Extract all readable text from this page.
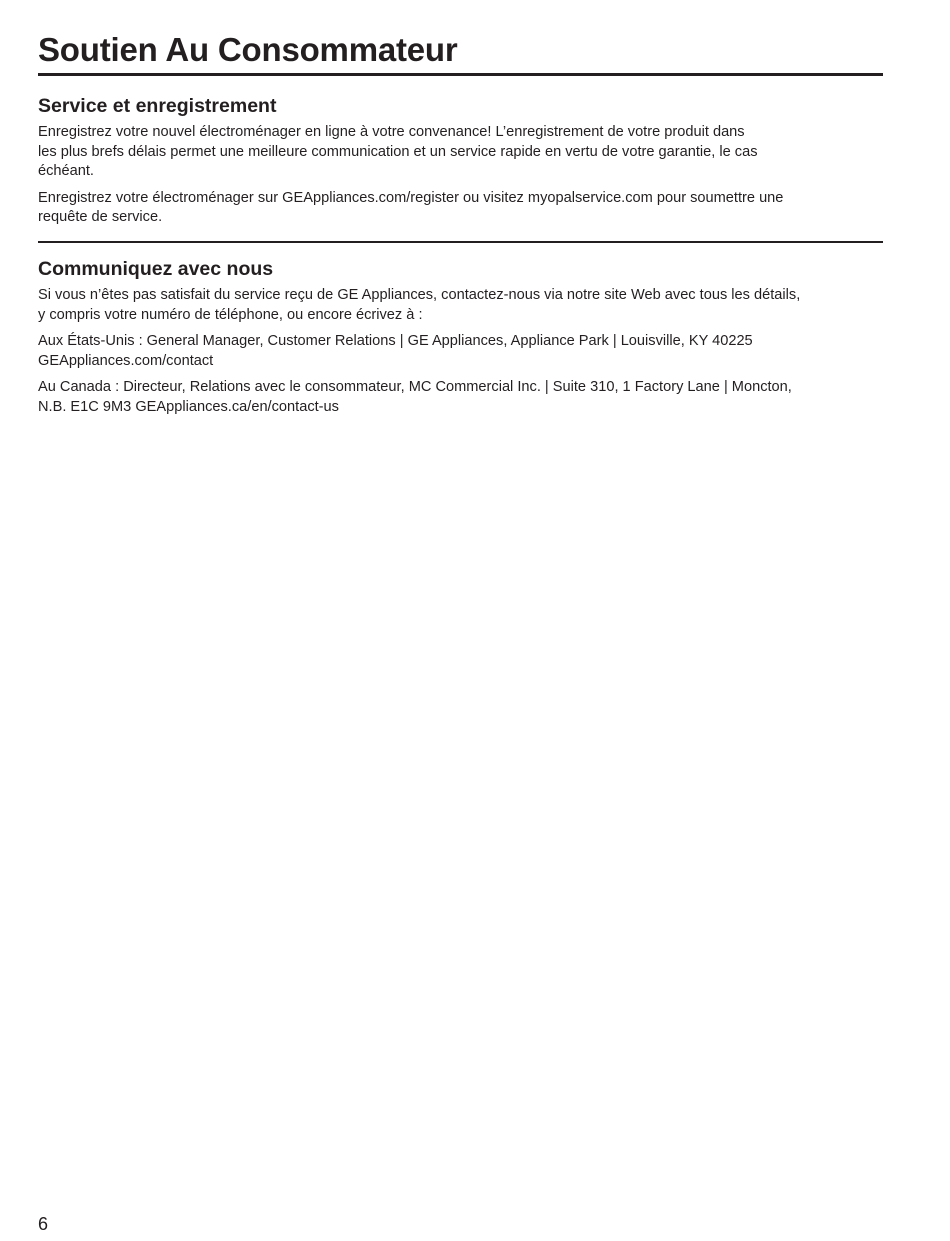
Soutien Au Consommateur
Service et enregistrement

Enregistrez votre nouvel électroménager en ligne à votre convenance! L’enregistrement de votre produit dans
les plus brefs délais permet une meilleure communication et un service rapide en vertu de votre garantie, le cas
échéant.

Enregistrez votre électroménager sur GEAppliances.com/register ou visitez myopalservice.com pour soumettre une
requête de service.

Communiquez avec nous

Si vous n’êtes pas satisfait du service reçu de GE Appliances, contactez-nous via notre site Web avec tous les détails,
y compris votre numéro de téléphone, ou encore écrivez à :

Aux États-Unis : General Manager, Customer Relations | GE Appliances, Appliance Park | Louisville, KY 40225
GEAppliances.com/contact

Au Canada : Directeur, Relations avec le consommateur, MC Commercial Inc. | Suite 310, 1 Factory Lane | Moncton,
N.B. E1C 9M3 GEAppliances.ca/en/contact-us

6
